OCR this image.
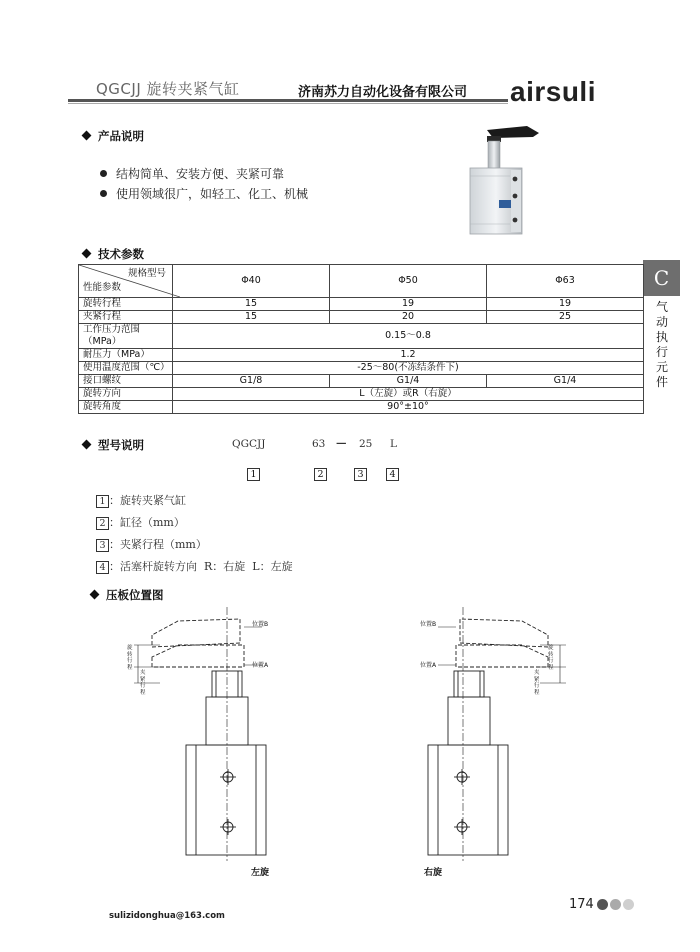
QGCJJ 旋转夹紧气缸	济南苏力自动化设备有限公司 airsuli
C
气动执行元件
产品说明
结构简单、安装方便、夹紧可靠
使用领域很广，如轻工、化工、机械
技术参数
规格型号
性能参数	Φ40	Φ50	Φ63
旋转行程	15	19	19
夹紧行程	15	20	25
工作压力范围（MPa）	0.15～0.8		
耐压力（MPa）	1.2		
使用温度范围（℃）	-25～80(不冻结条件下)		
接口螺纹	G1/8	G1/4	G1/4
旋转方向	L（左旋）或R（右旋）		
旋转角度	90°±10°		
型号说明	QGCJJ	63 — 25 L
1	2	3	4
1 ：旋转夹紧气缸
2 ：缸径（mm）
3 ：夹紧行程（mm）
4 ：活塞杆旋转方向  R：右旋  L：左旋
压板位置图
位置B
位置A
旋转行程
夹紧行程
左旋
位置B
位置A
夹紧行程
旋转行程
右旋
sulizidonghua@163.com
174
